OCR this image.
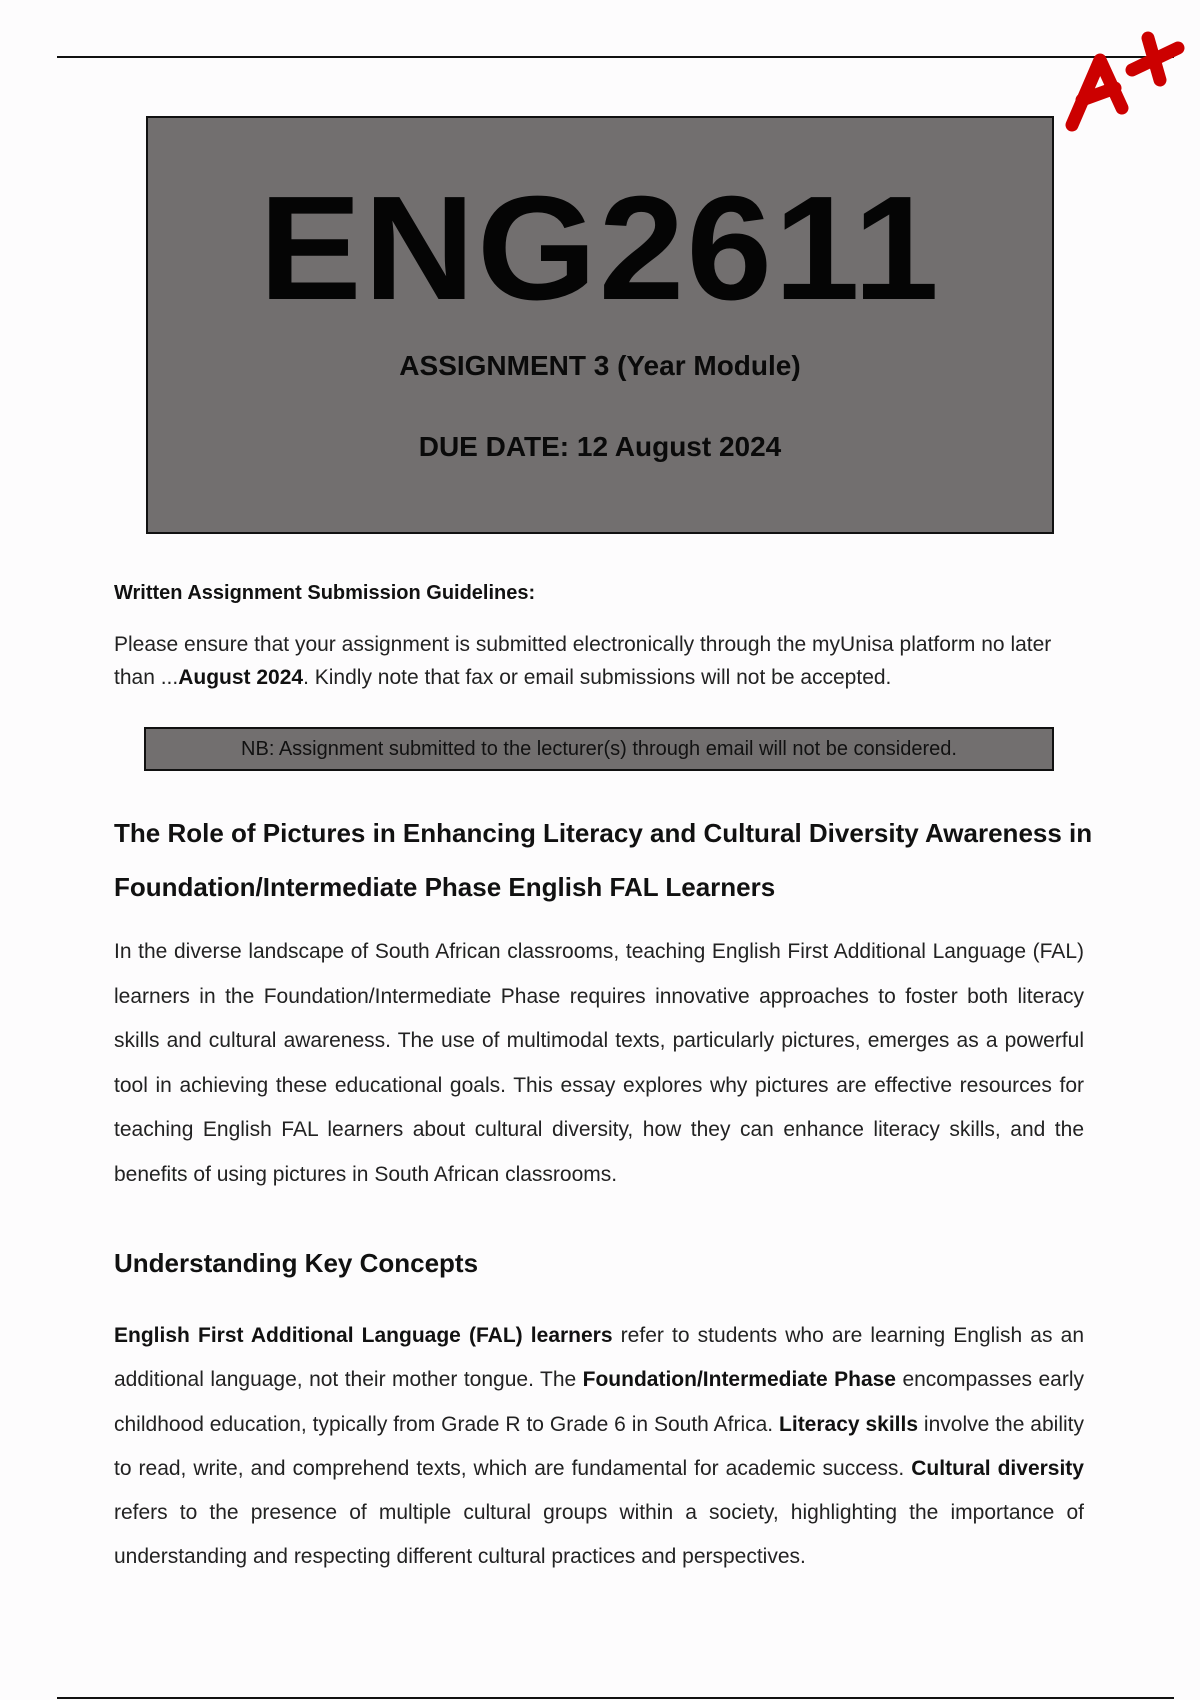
ENG2611
ASSIGNMENT 3 (Year Module)
DUE DATE: 12 August 2024
Written Assignment Submission Guidelines:
Please ensure that your assignment is submitted electronically through the myUnisa platform no later than ...August 2024. Kindly note that fax or email submissions will not be accepted.
NB: Assignment submitted to the lecturer(s) through email will not be considered.
The Role of Pictures in Enhancing Literacy and Cultural Diversity Awareness in Foundation/Intermediate Phase English FAL Learners
In the diverse landscape of South African classrooms, teaching English First Additional Language (FAL) learners in the Foundation/Intermediate Phase requires innovative approaches to foster both literacy skills and cultural awareness. The use of multimodal texts, particularly pictures, emerges as a powerful tool in achieving these educational goals. This essay explores why pictures are effective resources for teaching English FAL learners about cultural diversity, how they can enhance literacy skills, and the benefits of using pictures in South African classrooms.
Understanding Key Concepts
English First Additional Language (FAL) learners refer to students who are learning English as an additional language, not their mother tongue. The Foundation/Intermediate Phase encompasses early childhood education, typically from Grade R to Grade 6 in South Africa. Literacy skills involve the ability to read, write, and comprehend texts, which are fundamental for academic success. Cultural diversity refers to the presence of multiple cultural groups within a society, highlighting the importance of understanding and respecting different cultural practices and perspectives.
